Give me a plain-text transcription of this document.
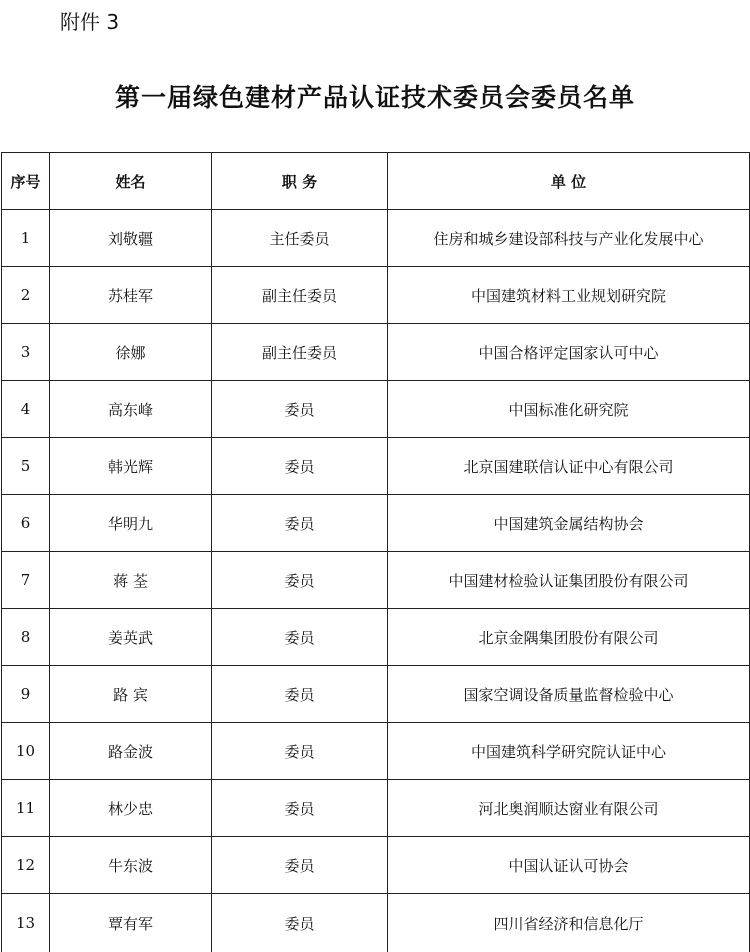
附件 3
第一届绿色建材产品认证技术委员会委员名单
序号	姓名	职 务	单 位
1	刘敬疆	主任委员	住房和城乡建设部科技与产业化发展中心
2	苏桂军	副主任委员	中国建筑材料工业规划研究院
3	徐娜	副主任委员	中国合格评定国家认可中心
4	高东峰	委员	中国标准化研究院
5	韩光辉	委员	北京国建联信认证中心有限公司
6	华明九	委员	中国建筑金属结构协会
7	蒋 荃	委员	中国建材检验认证集团股份有限公司
8	姜英武	委员	北京金隅集团股份有限公司
9	路 宾	委员	国家空调设备质量监督检验中心
10	路金波	委员	中国建筑科学研究院认证中心
11	林少忠	委员	河北奥润顺达窗业有限公司
12	牛东波	委员	中国认证认可协会
13	覃有军	委员	四川省经济和信息化厅
